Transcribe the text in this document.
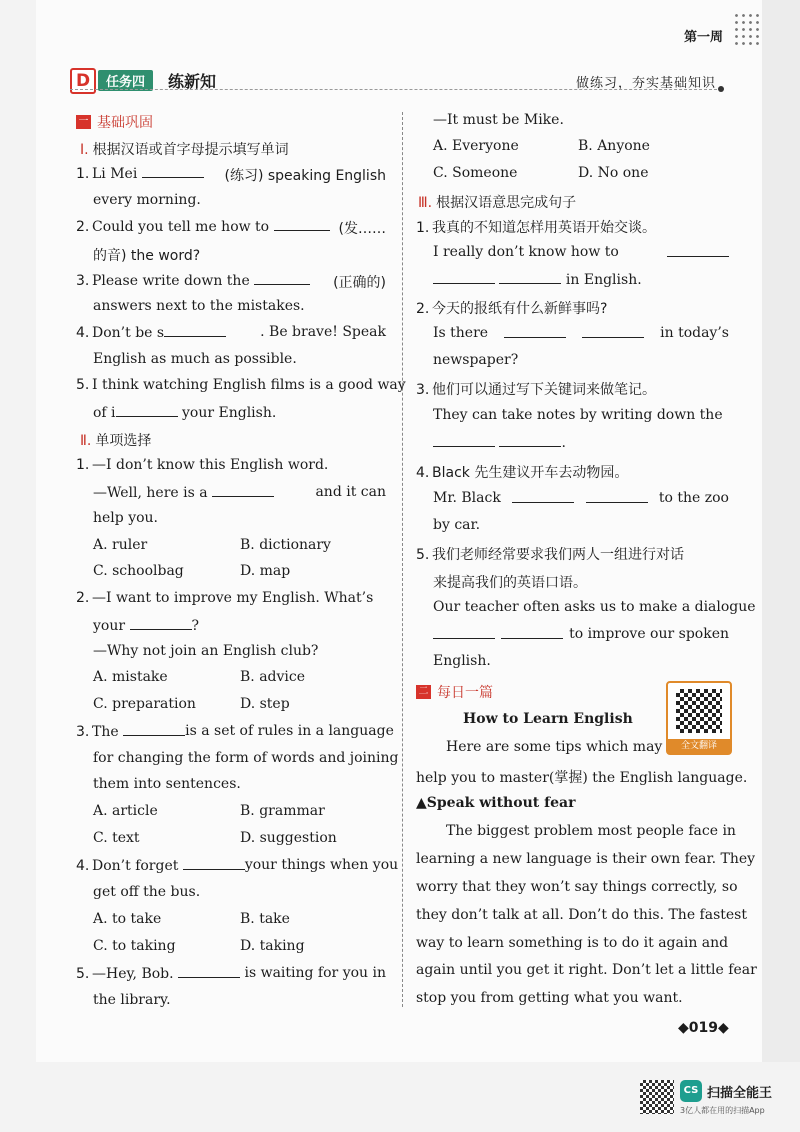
第一周
D	任务四	练新知	做练习，夯实基础知识
一 基础巩固
Ⅰ. 根据汉语或首字母提示填写单词
1. Li Mei	(练习) speaking English
every morning.
2. Could you tell me how to	(发……
的音) the word?
3. Please write down the	(正确的)
answers next to the mistakes.
4. Don’t be s	. Be brave! Speak
English as much as possible.
5. I think watching English films is a good way
of i	your English.
Ⅱ. 单项选择
1. —I don’t know this English word.
—Well, here is a	and it can
help you.
A. ruler	B. dictionary
C. schoolbag	D. map
2. —I want to improve my English. What’s
your	?
—Why not join an English club?
A. mistake	B. advice
C. preparation	D. step
3. The	is a set of rules in a language
for changing the form of words and joining
them into sentences.
A. article	B. grammar
C. text	D. suggestion
4. Don’t forget	your things when you
get off the bus.
A. to take	B. take
C. to taking	D. taking
5. —Hey, Bob.	is waiting for you in
the library.
—It must be Mike.
A. Everyone	B. Anyone
C. Someone	D. No one
Ⅲ. 根据汉语意思完成句子
1. 我真的不知道怎样用英语开始交谈。
I really don’t know how to
in English.
2. 今天的报纸有什么新鲜事吗?
Is there	in today’s
newspaper?
3. 他们可以通过写下关键词来做笔记。
They can take notes by writing down the
.
4. Black 先生建议开车去动物园。
Mr. Black	to the zoo
by car.
5. 我们老师经常要求我们两人一组进行对话
来提高我们的英语口语。
Our teacher often asks us to make a dialogue
to improve our spoken
English.
二 每日一篇
全文翻译
How to Learn English
Here are some tips which may
help you to master(掌握) the English language.
▲Speak without fear
The biggest problem most people face in
learning a new language is their own fear. They
worry that they won’t say things correctly, so
they don’t talk at all. Don’t do this. The fastest
way to learn something is to do it again and
again until you get it right. Don’t let a little fear
stop you from getting what you want.
◆019◆
CS 扫描全能王
3亿人都在用的扫描App
